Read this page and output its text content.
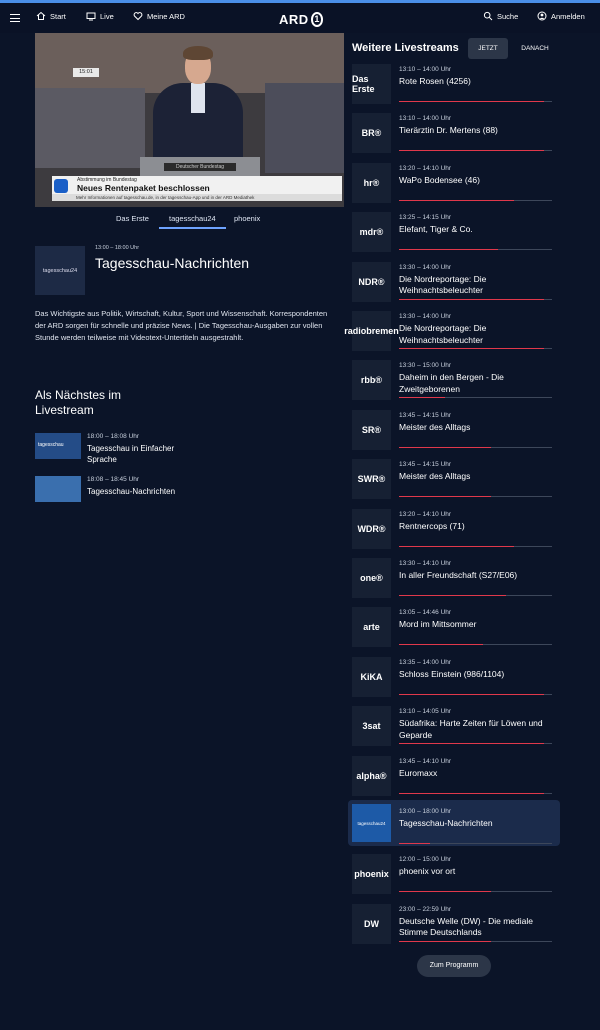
Start	Live	Meine ARD	ARD 1	Suche	Anmelden
15:01
Deutscher Bundestag
Abstimmung im Bundestag
Neues Rentenpaket beschlossen
Mehr Informationen auf tagesschau.de, in der tagesschau-App und in der ARD Mediathek
Das Erste	tagesschau24 phoenix
tagesschau24
13:00 – 18:00 Uhr
Tagesschau-Nachrichten
Das Wichtigste aus Politik, Wirtschaft, Kultur, Sport und Wissenschaft. Korrespondenten der ARD sorgen für schnelle und präzise News. | Die Tagesschau-Ausgaben zur vollen Stunde werden teilweise mit Videotext-Untertiteln ausgestrahlt.
Als Nächstes im Livestream
tagesschau
18:00 – 18:08 Uhr
Tagesschau in Einfacher Sprache
18:08 – 18:45 Uhr
Tagesschau-Nachrichten
Weitere Livestreams	JETZT	DANACH
Das Erste
13:10 – 14:00 Uhr
Rote Rosen (4256)
BR®
13:10 – 14:00 Uhr
Tierärztin Dr. Mertens (88)
hr®
13:20 – 14:10 Uhr
WaPo Bodensee (46)
mdr®
13:25 – 14:15 Uhr
Elefant, Tiger & Co.
NDR®
13:30 – 14:00 Uhr
Die Nordreportage: Die Weihnachtsbeleuchter
radiobremen
13:30 – 14:00 Uhr
Die Nordreportage: Die Weihnachtsbeleuchter
rbb®
13:30 – 15:00 Uhr
Daheim in den Bergen - Die Zweitgeborenen
SR®
13:45 – 14:15 Uhr
Meister des Alltags
SWR®
13:45 – 14:15 Uhr
Meister des Alltags
WDR®
13:20 – 14:10 Uhr
Rentnercops (71)
one®
13:30 – 14:10 Uhr
In aller Freundschaft (S27/E06)
arte
13:05 – 14:46 Uhr
Mord im Mittsommer
KiKA
13:35 – 14:00 Uhr
Schloss Einstein (986/1104)
3sat
13:10 – 14:05 Uhr
Südafrika: Harte Zeiten für Löwen und Geparde
alpha®
13:45 – 14:10 Uhr
Euromaxx
tagesschau24
13:00 – 18:00 Uhr
Tagesschau-Nachrichten
phoenix
12:00 – 15:00 Uhr
phoenix vor ort
DW
23:00 – 22:59 Uhr
Deutsche Welle (DW) - Die mediale Stimme Deutschlands
Zum Programm
